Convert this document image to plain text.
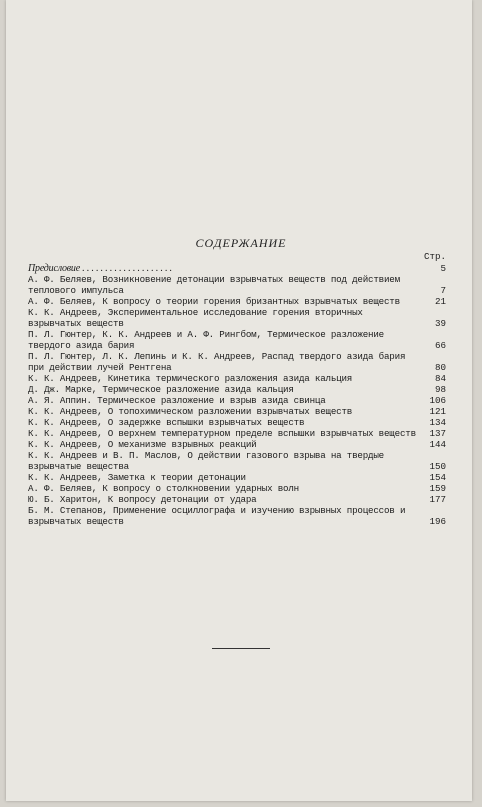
СОДЕРЖАНИЕ
Стр.
Предисловие . . . . . . . . . . . . . . . . . . . .	5
А. Ф. Беляев, Возникновение детонации взрывчатых веществ под действием теплового импульса	7
А. Ф. Беляев, К вопросу о теории горения бризантных взрывчатых веществ	21
К. К. Андреев, Экспериментальное исследование горения вторичных взрывчатых веществ	39
П. Л. Гюнтер, К. К. Андреев и А. Ф. Рингбом, Термическое разложение твердого азида бария	66
П. Л. Гюнтер, Л. К. Лепинь и К. К. Андреев, Распад твердого азида бария при действии лучей Рентгена	80
К. К. Андреев, Кинетика термического разложения азида кальция	84
Д. Дж. Марке, Термическое разложение азида кальция	98
А. Я. Аппин. Термическое разложение и взрыв азида свинца	106
К. К. Андреев, О топохимическом разложении взрывчатых веществ	121
К. К. Андреев, О задержке вспышки взрывчатых веществ	134
К. К. Андреев, О верхнем температурном пределе вспышки взрывчатых веществ 137
К. К. Андреев, О механизме взрывных реакций	144
К. К. Андреев и В. П. Маслов, О действии газового взрыва на твердые взрывчатые вещества	150
К. К. Андреев, Заметка к теории детонации	154
А. Ф. Беляев, К вопросу о столкновении ударных волн	159
Ю. Б. Харитон, К вопросу детонации от удара	177
Б. М. Степанов, Применение осциллографа и изучению взрывных процессов и взрывчатых веществ	196
